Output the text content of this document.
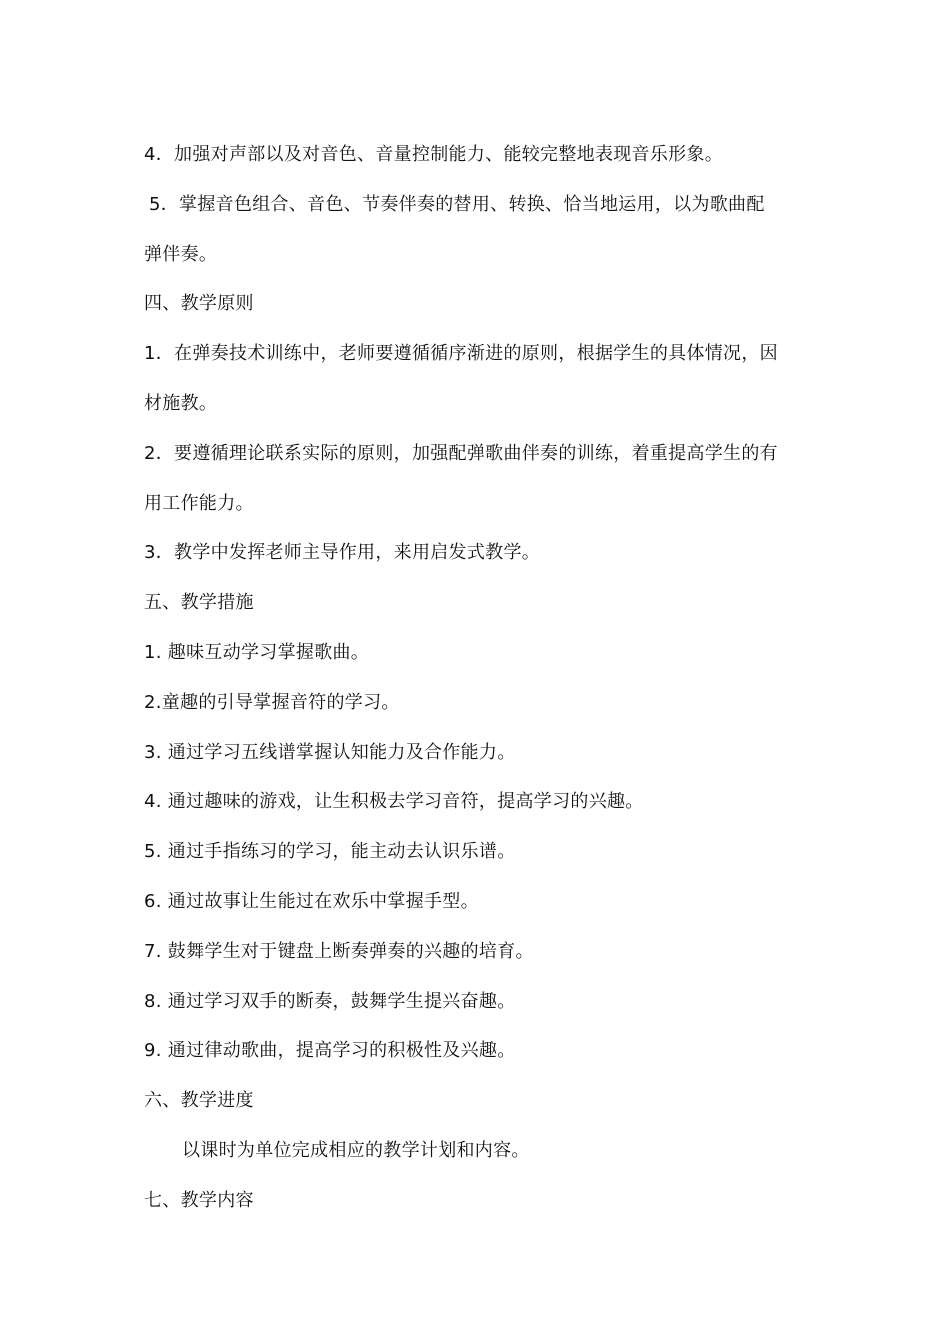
4．加强对声部以及对音色、音量控制能力、能较完整地表现音乐形象。
5．掌握音色组合、音色、节奏伴奏的替用、转换、恰当地运用，以为歌曲配
弹伴奏。
四、教学原则
1．在弹奏技术训练中，老师要遵循循序渐进的原则，根据学生的具体情况，因
材施教。
2．要遵循理论联系实际的原则，加强配弹歌曲伴奏的训练，着重提高学生的有
用工作能力。
3．教学中发挥老师主导作用，来用启发式教学。
五、教学措施
1. 趣味互动学习掌握歌曲。
2.童趣的引导掌握音符的学习。
3. 通过学习五线谱掌握认知能力及合作能力。
4. 通过趣味的游戏，让生积极去学习音符，提高学习的兴趣。
5. 通过手指练习的学习，能主动去认识乐谱。
6. 通过故事让生能过在欢乐中掌握手型。
7. 鼓舞学生对于键盘上断奏弹奏的兴趣的培育。
8. 通过学习双手的断奏，鼓舞学生提兴奋趣。
9. 通过律动歌曲，提高学习的积极性及兴趣。
六、教学进度
以课时为单位完成相应的教学计划和内容。
七、教学内容
